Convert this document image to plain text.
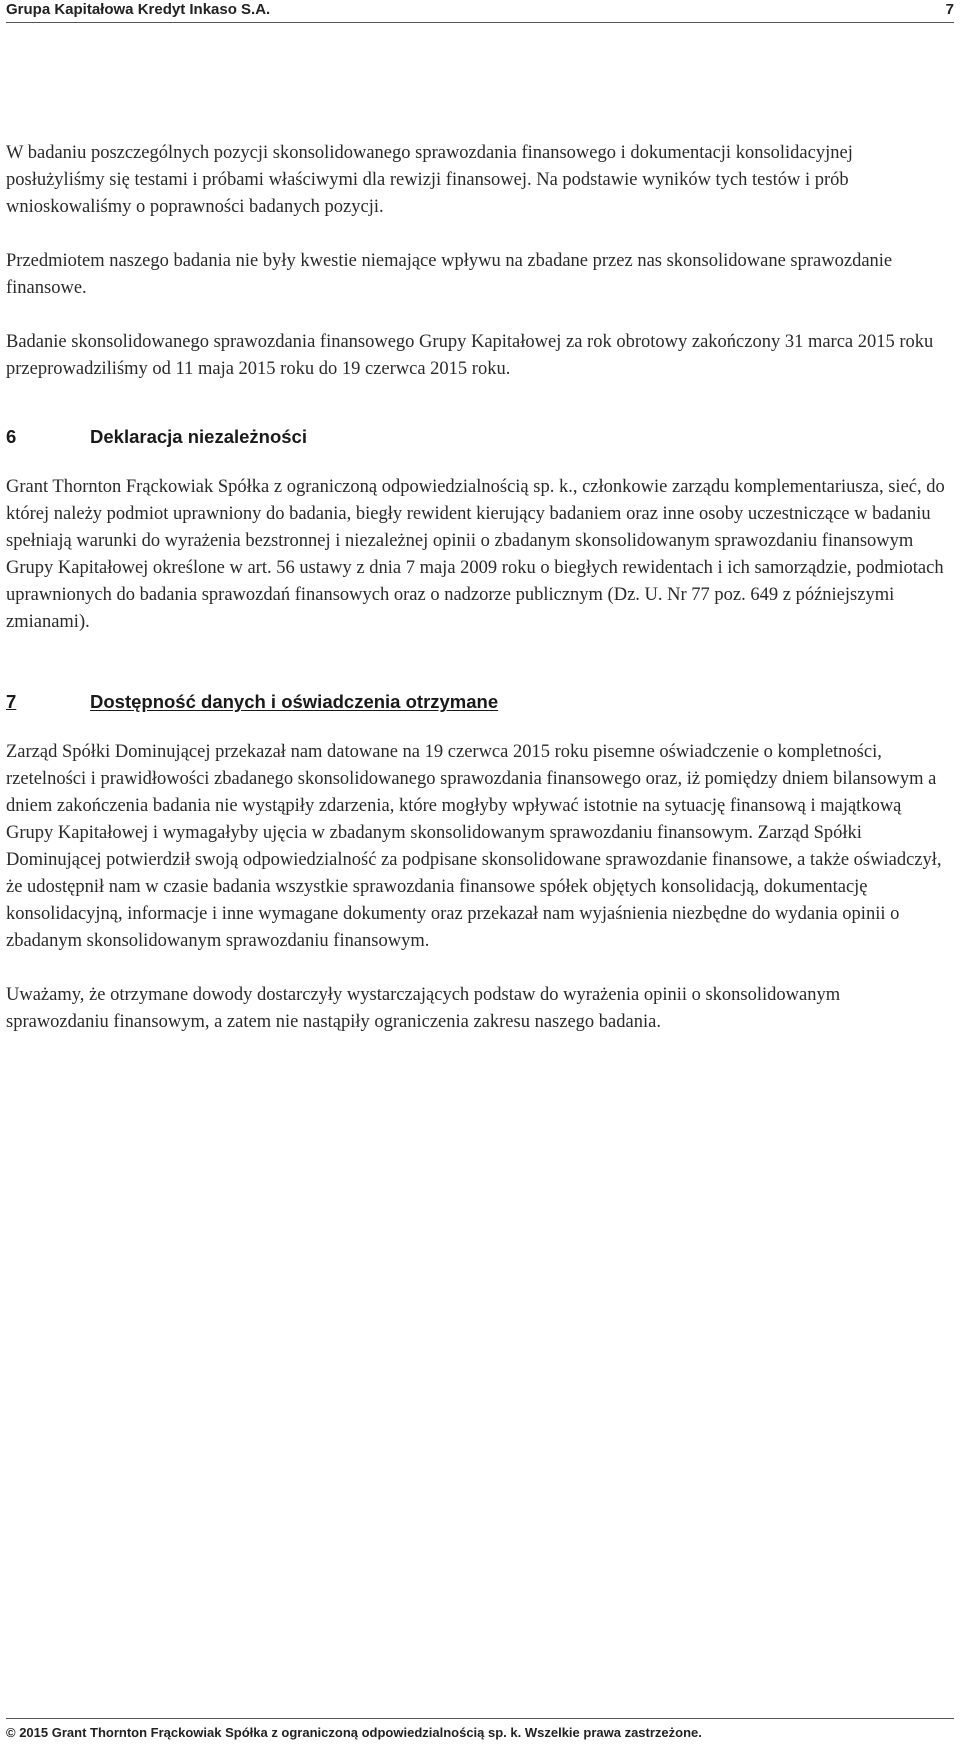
Grupa Kapitałowa Kredyt Inkaso S.A.	7

W badaniu poszczególnych pozycji skonsolidowanego sprawozdania finansowego i dokumentacji konsolidacyjnej posłużyliśmy się testami i próbami właściwymi dla rewizji finansowej. Na podstawie wyników tych testów i prób wnioskowaliśmy o poprawności badanych pozycji.

Przedmiotem naszego badania nie były kwestie niemające wpływu na zbadane przez nas skonsolidowane sprawozdanie finansowe.

Badanie skonsolidowanego sprawozdania finansowego Grupy Kapitałowej za rok obrotowy zakończony 31 marca 2015 roku przeprowadziliśmy od 11 maja 2015 roku do 19 czerwca 2015 roku.

6	Deklaracja niezależności

Grant Thornton Frąckowiak Spółka z ograniczoną odpowiedzialnością sp. k., członkowie zarządu komplementariusza, sieć, do której należy podmiot uprawniony do badania, biegły rewident kierujący badaniem oraz inne osoby uczestniczące w badaniu spełniają warunki do wyrażenia bezstronnej i niezależnej opinii o zbadanym skonsolidowanym sprawozdaniu finansowym Grupy Kapitałowej określone w art. 56 ustawy z dnia 7 maja 2009 roku o biegłych rewidentach i ich samorządzie, podmiotach uprawnionych do badania sprawozdań finansowych oraz o nadzorze publicznym (Dz. U. Nr 77 poz. 649 z późniejszymi zmianami).

7	Dostępność danych i oświadczenia otrzymane

Zarząd Spółki Dominującej przekazał nam datowane na 19 czerwca 2015 roku pisemne oświadczenie o kompletności, rzetelności i prawidłowości zbadanego skonsolidowanego sprawozdania finansowego oraz, iż pomiędzy dniem bilansowym a dniem zakończenia badania nie wystąpiły zdarzenia, które mogłyby wpływać istotnie na sytuację finansową i majątkową Grupy Kapitałowej i wymagałyby ujęcia w zbadanym skonsolidowanym sprawozdaniu finansowym. Zarząd Spółki Dominującej potwierdził swoją odpowiedzialność za podpisane skonsolidowane sprawozdanie finansowe, a także oświadczył, że udostępnił nam w czasie badania wszystkie sprawozdania finansowe spółek objętych konsolidacją, dokumentację konsolidacyjną, informacje i inne wymagane dokumenty oraz przekazał nam wyjaśnienia niezbędne do wydania opinii o zbadanym skonsolidowanym sprawozdaniu finansowym.

Uważamy, że otrzymane dowody dostarczyły wystarczających podstaw do wyrażenia opinii o skonsolidowanym sprawozdaniu finansowym, a zatem nie nastąpiły ograniczenia zakresu naszego badania.

© 2015 Grant Thornton Frąckowiak Spółka z ograniczoną odpowiedzialnością sp. k. Wszelkie prawa zastrzeżone.
